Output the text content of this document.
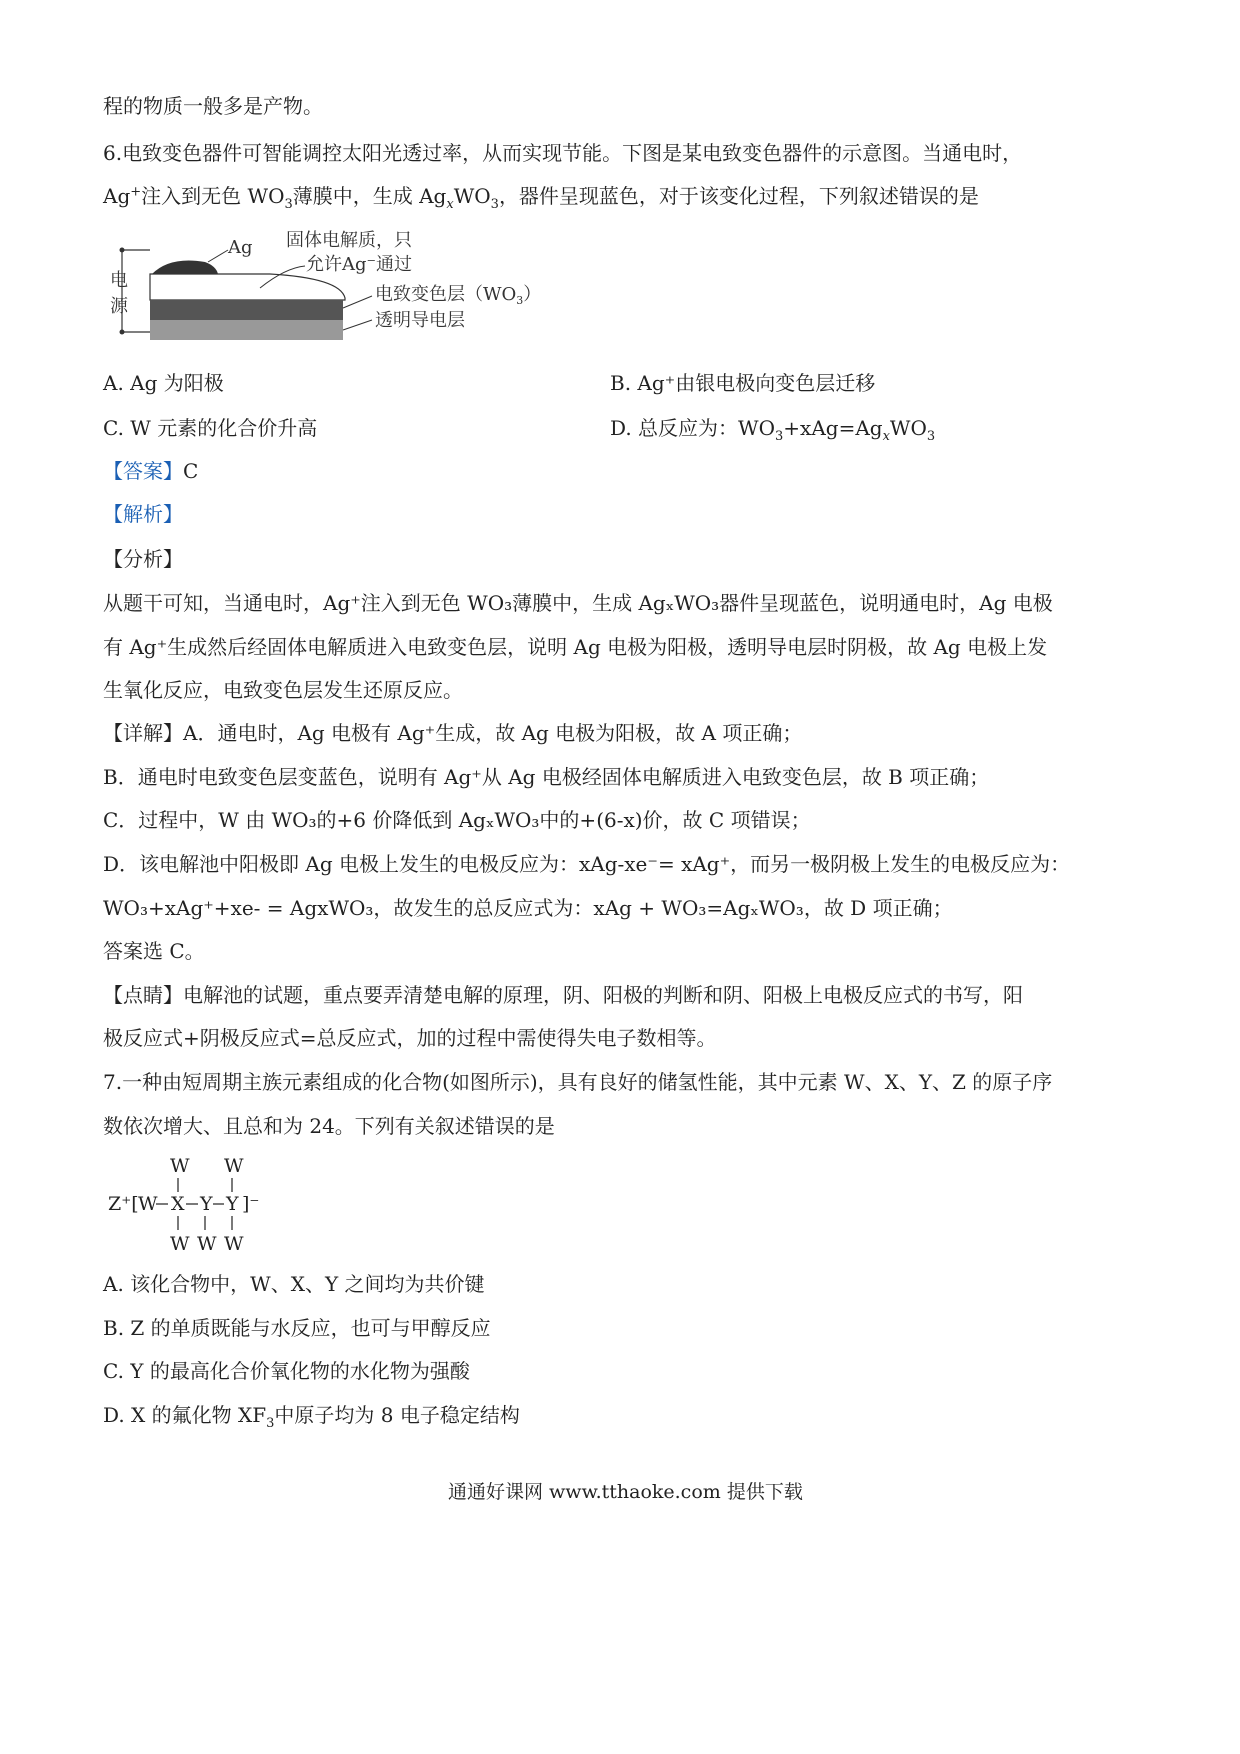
程的物质一般多是产物。
6.电致变色器件可智能调控太阳光透过率，从而实现节能。下图是某电致变色器件的示意图。当通电时，
Ag+注入到无色 $WO_3$薄膜中，生成 $Ag_xWO_3$，器件呈现蓝色，对于该变化过程，下列叙述错误的是
Ag 固体电解质，只
允许Ag⁻通过
电
源
电致变色层$(WO_3)$
透明导电层
A. Ag 为阳极	B. Ag⁺由银电极向变色层迁移
C. W 元素的化合价升高	D. 总反应为：$WO_3+xAg=Ag_xWO_3$
【答案】C
【解析】
【分析】
从题干可知，当通电时，Ag⁺注入到无色 WO₃薄膜中，生成 AgₓWO₃器件呈现蓝色，说明通电时，Ag 电极
有 Ag⁺生成然后经固体电解质进入电致变色层，说明 Ag 电极为阳极，透明导电层时阴极，故 Ag 电极上发
生氧化反应，电致变色层发生还原反应。
【详解】A．通电时，Ag 电极有 Ag⁺生成，故 Ag 电极为阳极，故 A 项正确；
B．通电时电致变色层变蓝色，说明有 Ag⁺从 Ag 电极经固体电解质进入电致变色层，故 B 项正确；
C．过程中，W 由 WO₃的+6 价降低到 AgₓWO₃中的+(6-x)价，故 C 项错误；
D．该电解池中阳极即 Ag 电极上发生的电极反应为：xAg-xe⁻= xAg⁺，而另一极阴极上发生的电极反应为：
WO₃+xAg⁺+xe- = AgxWO₃，故发生的总反应式为：xAg + WO₃=AgₓWO₃，故 D 项正确；
答案选 C。
【点睛】电解池的试题，重点要弄清楚电解的原理，阴、阳极的判断和阴、阳极上电极反应式的书写，阳
极反应式+阴极反应式=总反应式，加的过程中需使得失电子数相等。
7.一种由短周期主族元素组成的化合物(如图所示)，具有良好的储氢性能，其中元素 W、X、Y、Z 的原子序
数依次增大、且总和为 24。下列有关叙述错误的是
W W
Z⁺[ W X Y Y ]⁻
W W W
A. 该化合物中，W、X、Y 之间均为共价键
B. Z 的单质既能与水反应，也可与甲醇反应
C. Y 的最高化合价氧化物的水化物为强酸
D. X 的氟化物 $XF_3$中原子均为 8 电子稳定结构
通通好课网 www.tthaoke.com 提供下载
